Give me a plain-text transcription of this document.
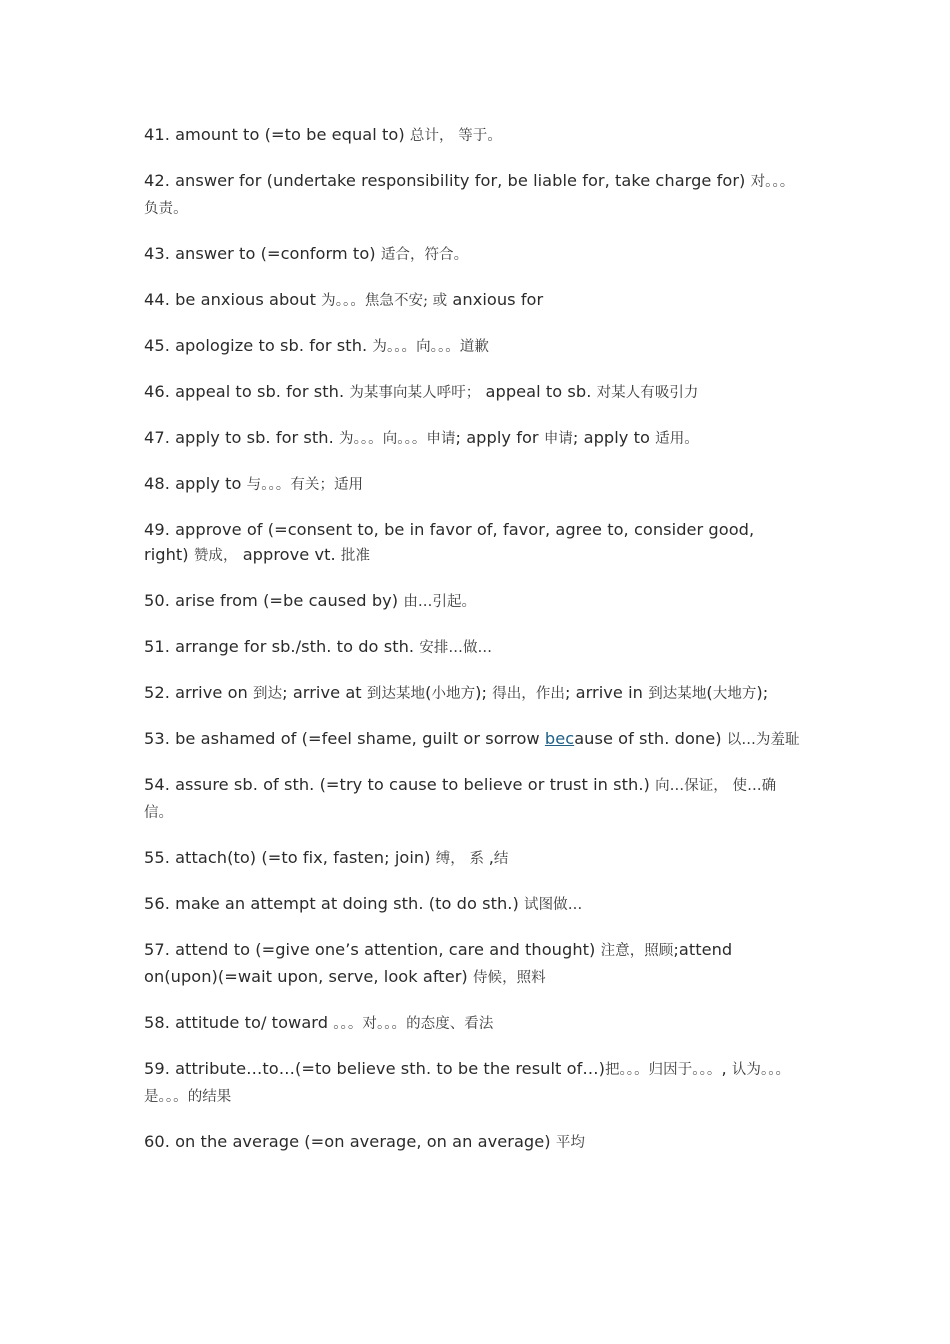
41. amount to (=to be equal to) 总计， 等于。

42. answer for (undertake responsibility for, be liable for, take charge for) 对。。。负责。

43. answer to (=conform to) 适合，符合。

44. be anxious about 为。。。焦急不安; 或 anxious for

45. apologize to sb. for sth. 为。。。向。。。道歉

46. appeal to sb. for sth. 为某事向某人呼吁； appeal to sb. 对某人有吸引力

47. apply to sb. for sth. 为。。。向。。。申请; apply for 申请; apply to 适用。

48. apply to 与。。。有关；适用

49. approve of (=consent to, be in favor of, favor, agree to, consider good, right) 赞成， approve vt. 批准

50. arise from (=be caused by) 由…引起。

51. arrange for sb./sth. to do sth. 安排…做…

52. arrive on 到达; arrive at 到达某地(小地方); 得出，作出; arrive in 到达某地(大地方);

53. be ashamed of (=feel shame, guilt or sorrow because of sth. done) 以…为羞耻

54. assure sb. of sth. (=try to cause to believe or trust in sth.) 向…保证， 使…确信。

55. attach(to) (=to fix, fasten; join) 缚， 系 ,结

56. make an attempt at doing sth. (to do sth.) 试图做…

57. attend to (=give one’s attention, care and thought) 注意，照顾;attend on(upon)(=wait upon, serve, look after) 侍候，照料

58. attitude to/ toward 。。。对。。。的态度、看法

59. attribute…to…(=to believe sth. to be the result of…)把。。。归因于。。。, 认为。。。是。。。的结果

60. on the average (=on average, on an average) 平均
